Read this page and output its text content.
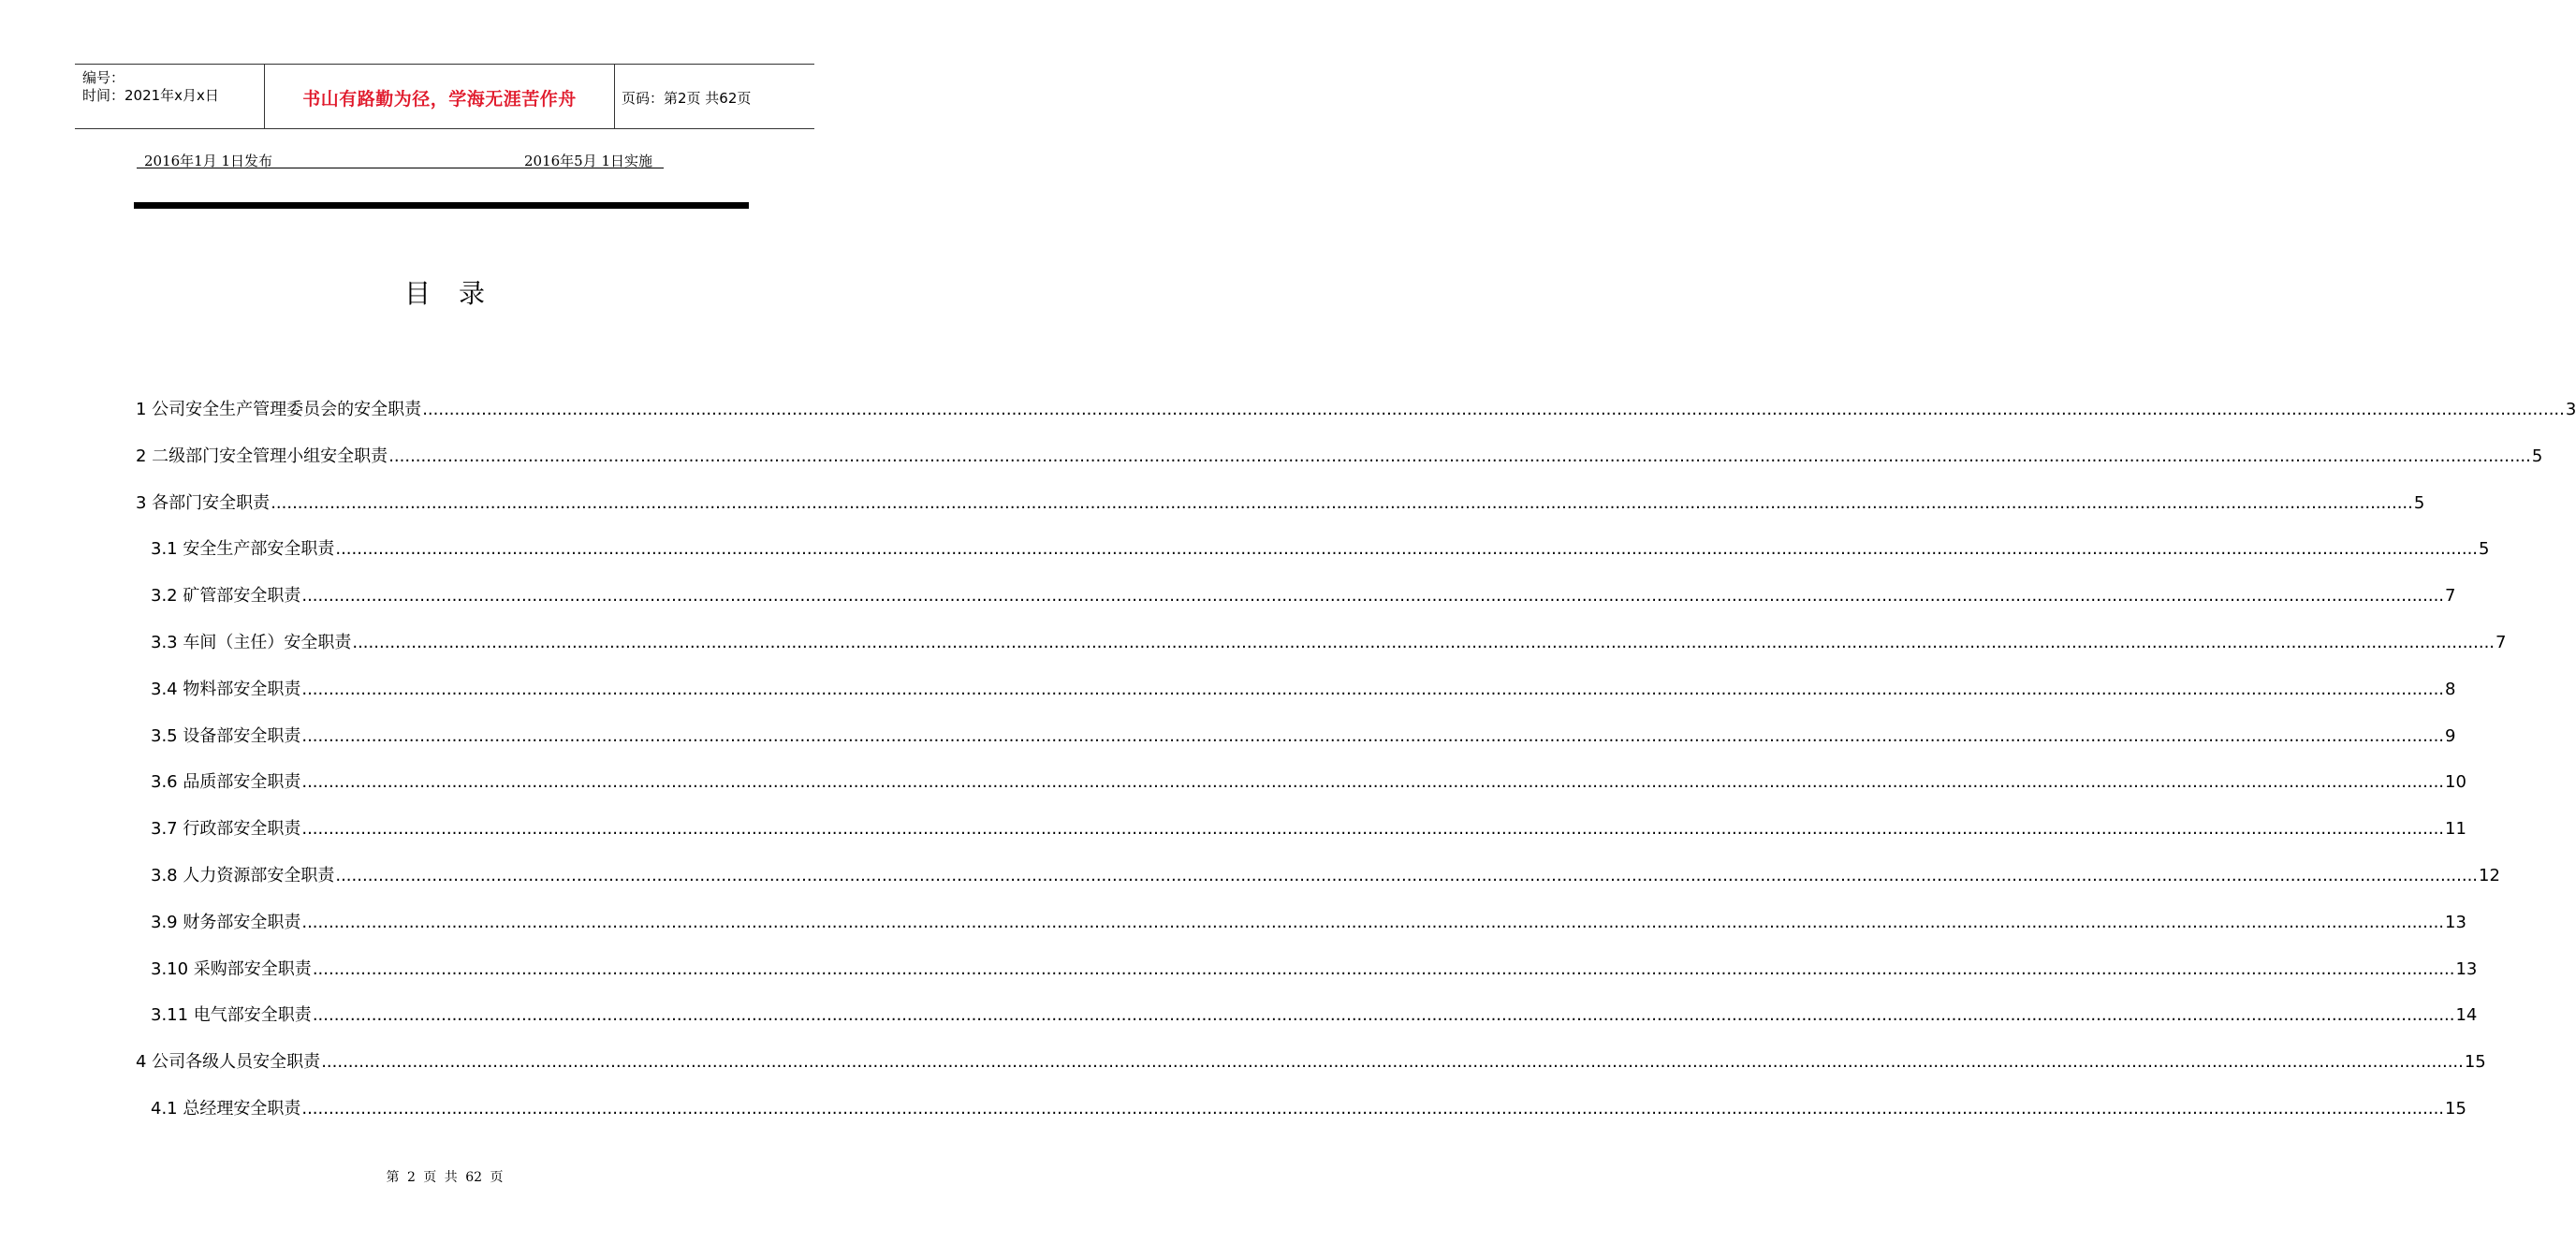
编号：
时间：2021年x月x日	书山有路勤为径，学海无涯苦作舟	页码：第2页 共62页
2016年1月 1日发布	2016年5月 1日实施
目录
1 公司安全生产管理委员会的安全职责 ................................................................................................................................................................................................................................................................................................................................................................................................................ 3
2 二级部门安全管理小组安全职责 ................................................................................................................................................................................................................................................................................................................................................................................................................ 5
3 各部门安全职责 ................................................................................................................................................................................................................................................................................................................................................................................................................ 5
3.1 安全生产部安全职责 ................................................................................................................................................................................................................................................................................................................................................................................................................ 5
3.2 矿管部安全职责 ................................................................................................................................................................................................................................................................................................................................................................................................................ 7
3.3 车间（主任）安全职责 ................................................................................................................................................................................................................................................................................................................................................................................................................ 7
3.4 物料部安全职责 ................................................................................................................................................................................................................................................................................................................................................................................................................ 8
3.5 设备部安全职责 ................................................................................................................................................................................................................................................................................................................................................................................................................ 9
3.6 品质部安全职责 ................................................................................................................................................................................................................................................................................................................................................................................................................ 10
3.7 行政部安全职责 ................................................................................................................................................................................................................................................................................................................................................................................................................ 11
3.8 人力资源部安全职责 ................................................................................................................................................................................................................................................................................................................................................................................................................ 12
3.9 财务部安全职责 ................................................................................................................................................................................................................................................................................................................................................................................................................ 13
3.10 采购部安全职责 ................................................................................................................................................................................................................................................................................................................................................................................................................ 13
3.11 电气部安全职责 ................................................................................................................................................................................................................................................................................................................................................................................................................ 14
4 公司各级人员安全职责 ................................................................................................................................................................................................................................................................................................................................................................................................................ 15
4.1 总经理安全职责 ................................................................................................................................................................................................................................................................................................................................................................................................................ 15
第 2 页 共 62 页
